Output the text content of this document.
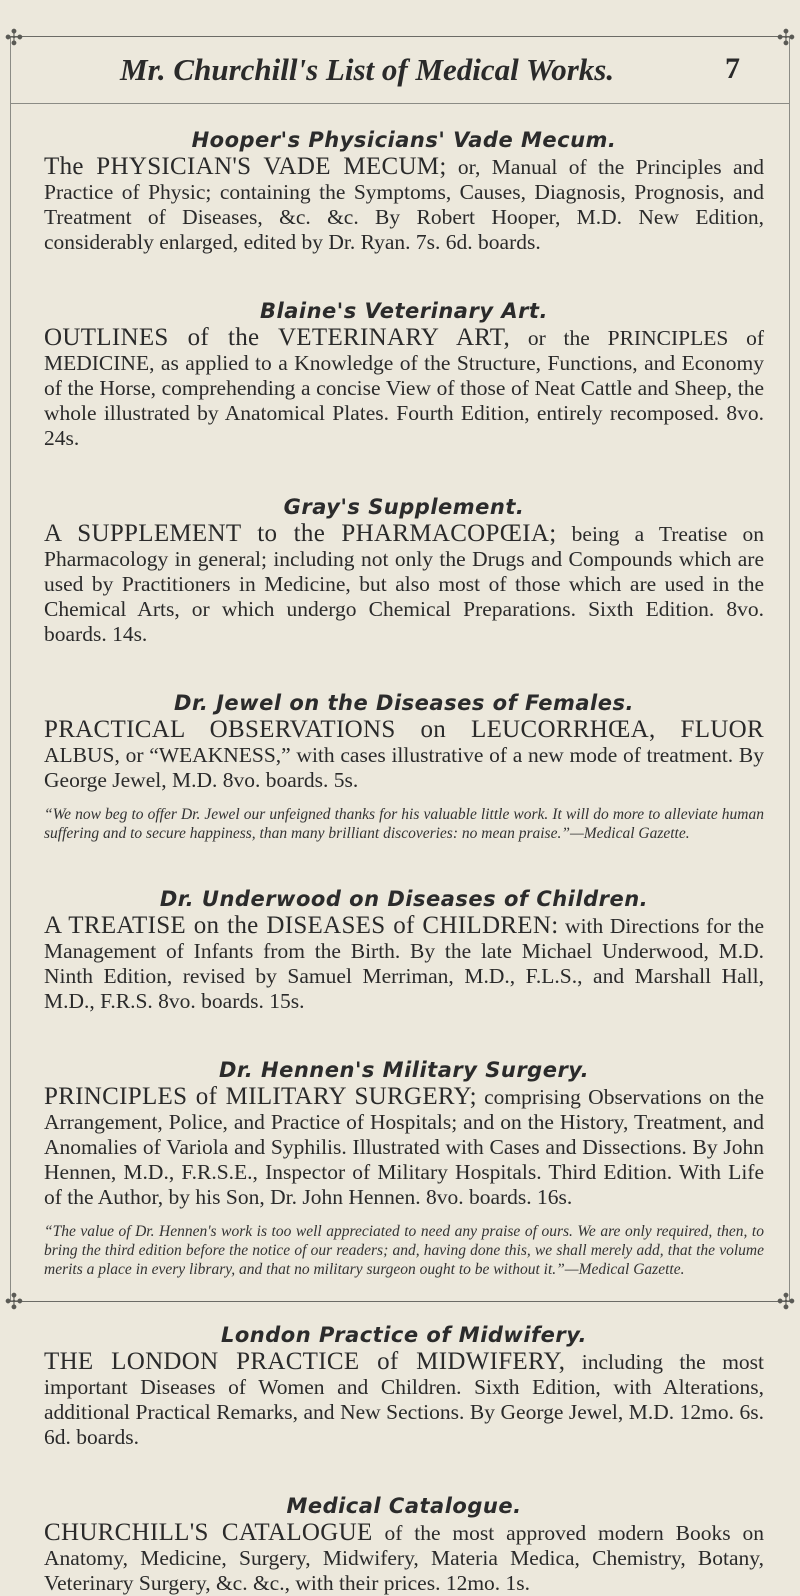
✣	✣
✣	✣
Mr. Churchill's List of Medical Works.	7

Hooper's Physicians' Vade Mecum.

The PHYSICIAN'S VADE MECUM; or, Manual of the Principles and Practice of Physic; containing the Symptoms, Causes, Diagnosis, Prognosis, and Treatment of Diseases, &c. &c. By Robert Hooper, M.D. New Edition, considerably enlarged, edited by Dr. Ryan. 7s. 6d. boards.

Blaine's Veterinary Art.

OUTLINES of the VETERINARY ART, or the PRINCIPLES of MEDICINE, as applied to a Knowledge of the Structure, Functions, and Economy of the Horse, comprehending a concise View of those of Neat Cattle and Sheep, the whole illustrated by Anatomical Plates. Fourth Edition, entirely recomposed. 8vo. 24s.

Gray's Supplement.

A SUPPLEMENT to the PHARMACOPŒIA; being a Treatise on Pharmacology in general; including not only the Drugs and Compounds which are used by Practitioners in Medicine, but also most of those which are used in the Chemical Arts, or which undergo Chemical Preparations. Sixth Edition. 8vo. boards. 14s.

Dr. Jewel on the Diseases of Females.

PRACTICAL OBSERVATIONS on LEUCORRHŒA, FLUOR ALBUS, or “WEAKNESS,” with cases illustrative of a new mode of treatment. By George Jewel, M.D. 8vo. boards. 5s.

“We now beg to offer Dr. Jewel our unfeigned thanks for his valuable little work. It will do more to alleviate human suffering and to secure happiness, than many brilliant discoveries: no mean praise.”—Medical Gazette.

Dr. Underwood on Diseases of Children.

A TREATISE on the DISEASES of CHILDREN: with Directions for the Management of Infants from the Birth. By the late Michael Underwood, M.D. Ninth Edition, revised by Samuel Merriman, M.D., F.L.S., and Marshall Hall, M.D., F.R.S. 8vo. boards. 15s.

Dr. Hennen's Military Surgery.

PRINCIPLES of MILITARY SURGERY; comprising Observations on the Arrangement, Police, and Practice of Hospitals; and on the History, Treatment, and Anomalies of Variola and Syphilis. Illustrated with Cases and Dissections. By John Hennen, M.D., F.R.S.E., Inspector of Military Hospitals. Third Edition. With Life of the Author, by his Son, Dr. John Hennen. 8vo. boards. 16s.

“The value of Dr. Hennen's work is too well appreciated to need any praise of ours. We are only required, then, to bring the third edition before the notice of our readers; and, having done this, we shall merely add, that the volume merits a place in every library, and that no military surgeon ought to be without it.”—Medical Gazette.

London Practice of Midwifery.

THE LONDON PRACTICE of MIDWIFERY, including the most important Diseases of Women and Children. Sixth Edition, with Alterations, additional Practical Remarks, and New Sections. By George Jewel, M.D. 12mo. 6s. 6d. boards.

Medical Catalogue.

CHURCHILL'S CATALOGUE of the most approved modern Books on Anatomy, Medicine, Surgery, Midwifery, Materia Medica, Chemistry, Botany, Veterinary Surgery, &c. &c., with their prices. 12mo. 1s.
